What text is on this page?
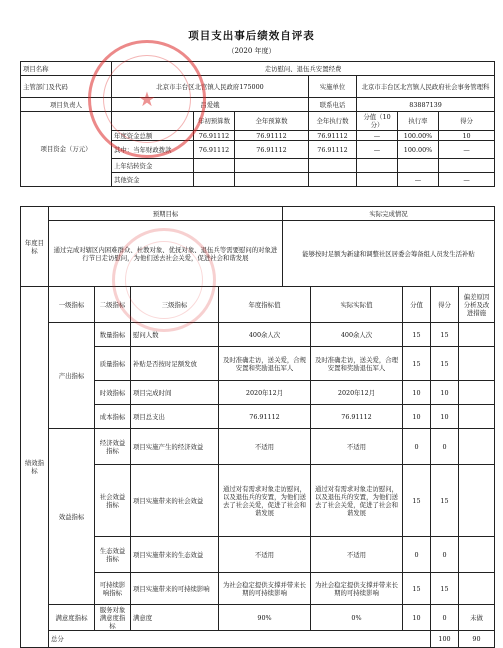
项目支出事后绩效自评表
（2020 年度）
项目名称	走访慰问、退伍兵安置经费						
主管部门及代码	北京市丰台区北宫镇人民政府175000			实施单位	北京市丰台区北宫镇人民政府社会事务管理科		
项目负责人	吕爱娥			联系电话	83887139		
项目资金（万元）		年初预算数	全年预算数	全年执行数	分值（10分）	执行率	得分
	年度资金总额	76.91112	76.91112	76.91112	—	100.00%	10
	其中：当年财政拨款	76.91112	76.91112	76.91112	—	100.00%	—
	上年结转资金						
	其他资金					—	—
年度目标	预期目标	实际完成情况
	通过完成对辖区内困难群众、杜教对象、优抚对象、退伍兵等需要慰问的对象进行节日走访慰问，为他们送去社会关爱，促进社会和谐发展	能够按时足额为新建和调整社区居委会筹备组人员发生活补贴
绩效指标	一级指标	二级指标	三级指标	年度指标值	实际实际值	分值	得分	偏差原因分析及改进措施	
	产出指标	数量指标	慰问人数	400余人次	400余人次	15	15		
		质量指标	补贴是否按时足额发放	及时准确走访，送关爱，合规安置和奖励退伍军人	及时准确走访，送关爱，合理安置和奖励退伍军人	15	15		
		时效指标	项目完成时间	2020年12月	2020年12月	10	10		
		成本指标	项目总支出	76.91112	76.91112	10	10		
	效益指标	经济效益指标	项目实施产生的经济效益	不适用	不适用	0	0		
		社会效益指标	项目实施带来的社会效益	通过对有需求对象走访慰问，以及退伍兵的安置，为他们送去了社会关爱，促进了社会和谐发展	通过对有需求对象走访慰问，以及退伍兵的安置，为他们送去了社会关爱，促进了社会和谐发展	15	15		
		生态效益指标	项目实施带来的生态效益	不适用	不适用	0	0		
		可持续影响指标	项目实施带来的可持续影响	为社会稳定提供支撑并带来长期的可持续影响	为社会稳定提供支撑并带来长期的可持续影响	15	15		
	满意度指标	服务对象满意度指标	满意度	90%	0%	10	0	未做	
	总分						100	90	
★
